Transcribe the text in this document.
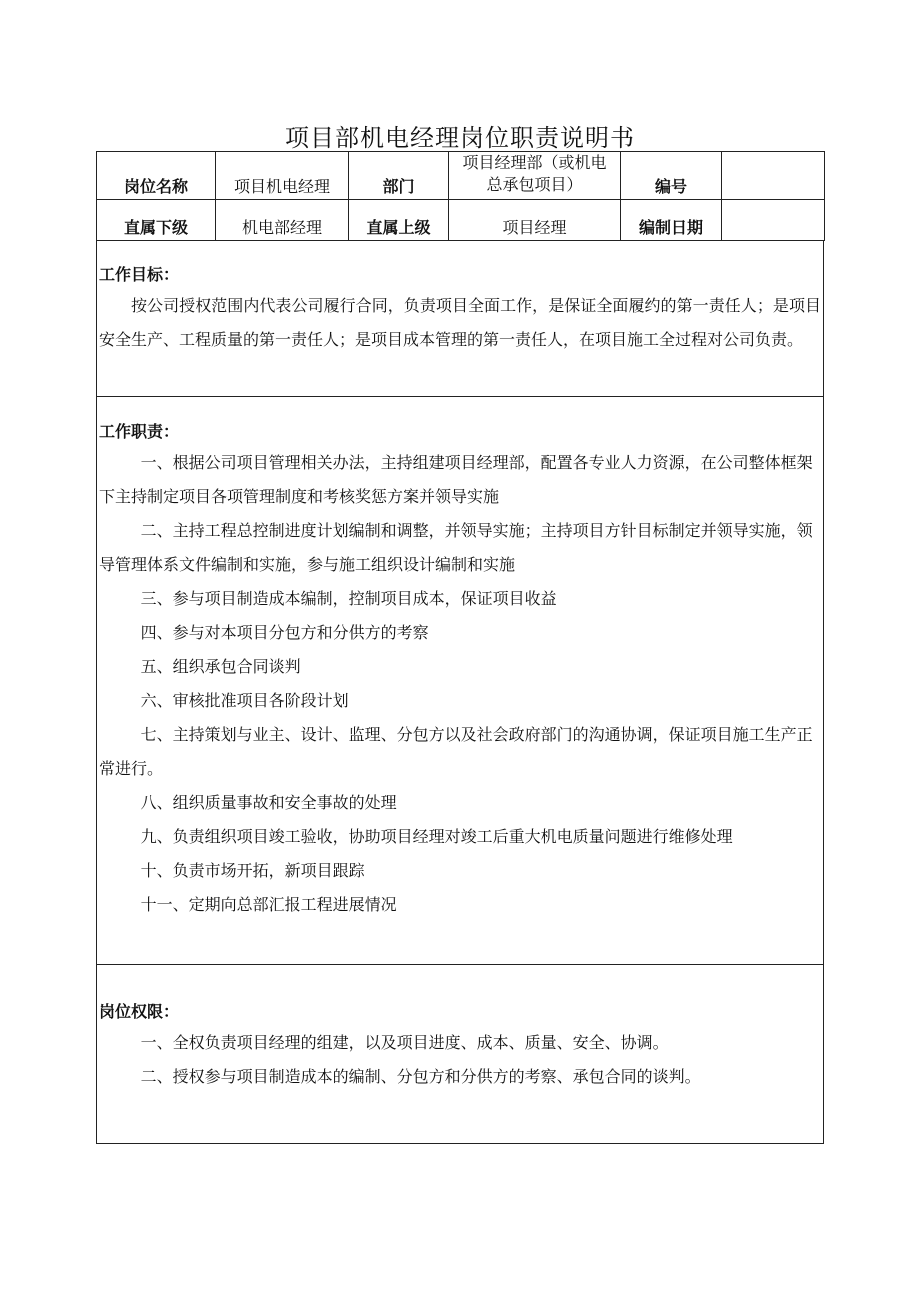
项目部机电经理岗位职责说明书
岗位名称	项目机电经理	部门	项目经理部（或机电
总承包项目）	编号	
直属下级	机电部经理	直属上级	项目经理	编制日期	
工作目标：

按公司授权范围内代表公司履行合同，负责项目全面工作，是保证全面履约的第一责任人；是项目安全生产、工程质量的第一责任人；是项目成本管理的第一责任人，在项目施工全过程对公司负责。

工作职责：
一、根据公司项目管理相关办法，主持组建项目经理部，配置各专业人力资源，在公司整体框架下主持制定项目各项管理制度和考核奖惩方案并领导实施
二、主持工程总控制进度计划编制和调整，并领导实施；主持项目方针目标制定并领导实施，领导管理体系文件编制和实施，参与施工组织设计编制和实施
三、参与项目制造成本编制，控制项目成本，保证项目收益
四、参与对本项目分包方和分供方的考察
五、组织承包合同谈判
六、审核批准项目各阶段计划
七、主持策划与业主、设计、监理、分包方以及社会政府部门的沟通协调，保证项目施工生产正常进行。
八、组织质量事故和安全事故的处理
九、负责组织项目竣工验收，协助项目经理对竣工后重大机电质量问题进行维修处理
十、负责市场开拓，新项目跟踪
十一、定期向总部汇报工程进展情况
岗位权限：
一、全权负责项目经理的组建，以及项目进度、成本、质量、安全、协调。
二、授权参与项目制造成本的编制、分包方和分供方的考察、承包合同的谈判。
